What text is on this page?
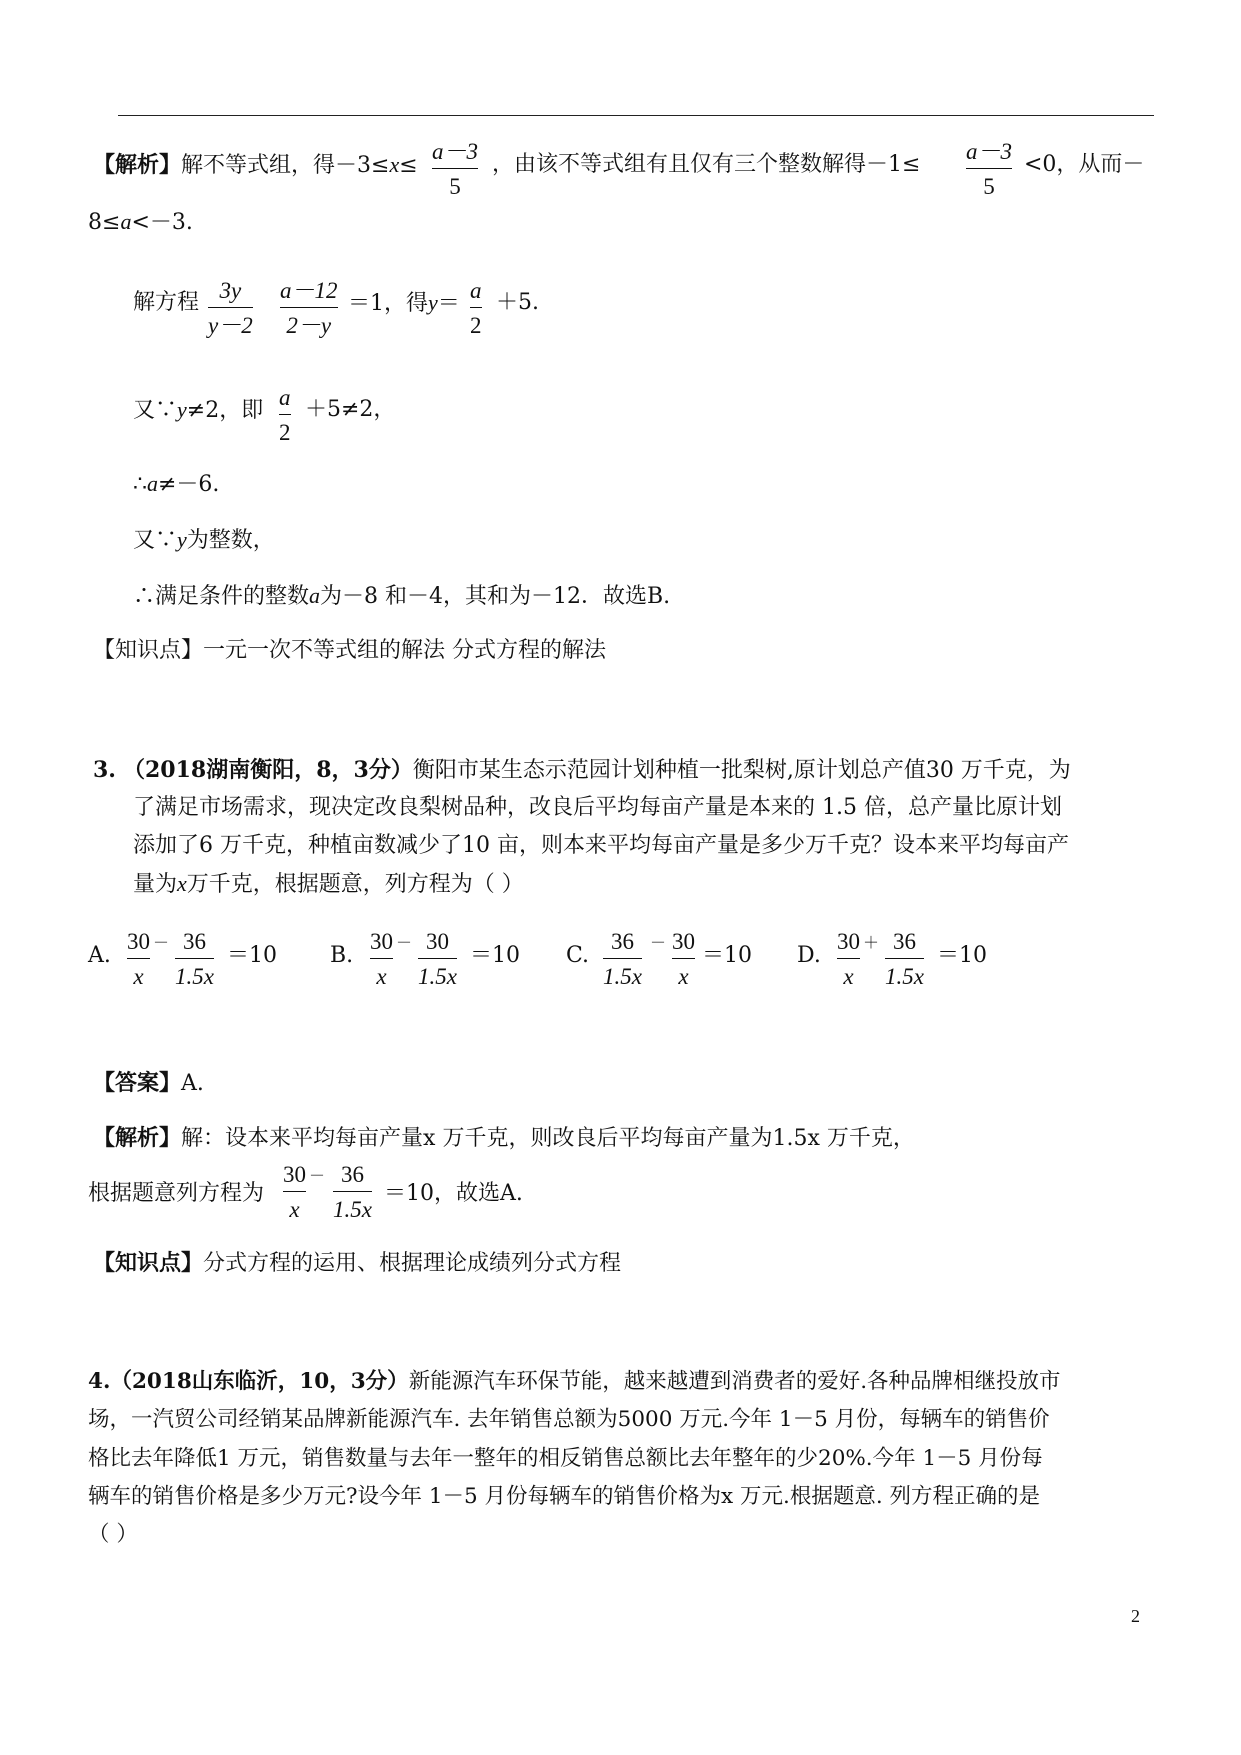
【解析】解不等式组，得－3≤x≤
a－3
5
，由该不等式组有且仅有三个整数解得－1≤
a－3
5
<0，从而－
8≤a<－3.
解方程 3y
y－2
a－12
2－y
＝1，得y＝
a
2
＋5.
又∵y≠2，即
a
2
＋5≠2，
∴a≠－6.
又∵y为整数，
∴满足条件的整数a为－8 和－4，其和为－12．故选B.
【知识点】一元一次不等式组的解法 分式方程的解法
3. （2018湖南衡阳，8，3分）衡阳市某生态示范园计划种植一批梨树,原计划总产值30 万千克，为
了满足市场需求，现决定改良梨树品种，改良后平均每亩产量是本来的 1.5 倍，总产量比原计划
添加了6 万千克，种植亩数减少了10 亩，则本来平均每亩产量是多少万千克？设本来平均每亩产
量为x万千克，根据题意，列方程为（ ）
A.
30
x
－ 36
1.5x
＝10 B.
30
x
－ 30
1.5x
＝10 C.
36
1.5x
－ 30
x
＝10 D.
30
x
＋ 36
1.5x
＝10
【答案】A.
【解析】解：设本来平均每亩产量x 万千克，则改良后平均每亩产量为1.5x 万千克，
根据题意列方程为
30
x
－ 36
1.5x
＝10，故选A.
【知识点】分式方程的运用、根据理论成绩列分式方程
4.（2018山东临沂，10，3分）新能源汽车环保节能，越来越遭到消费者的爱好.各种品牌相继投放市
场，一汽贸公司经销某品牌新能源汽车. 去年销售总额为5000 万元.今年 1－5 月份，每辆车的销售价
格比去年降低1 万元，销售数量与去年一整年的相反销售总额比去年整年的少20%.今年 1－5 月份每
辆车的销售价格是多少万元?设今年 1－5 月份每辆车的销售价格为x 万元.根据题意. 列方程正确的是
（ ）
2
